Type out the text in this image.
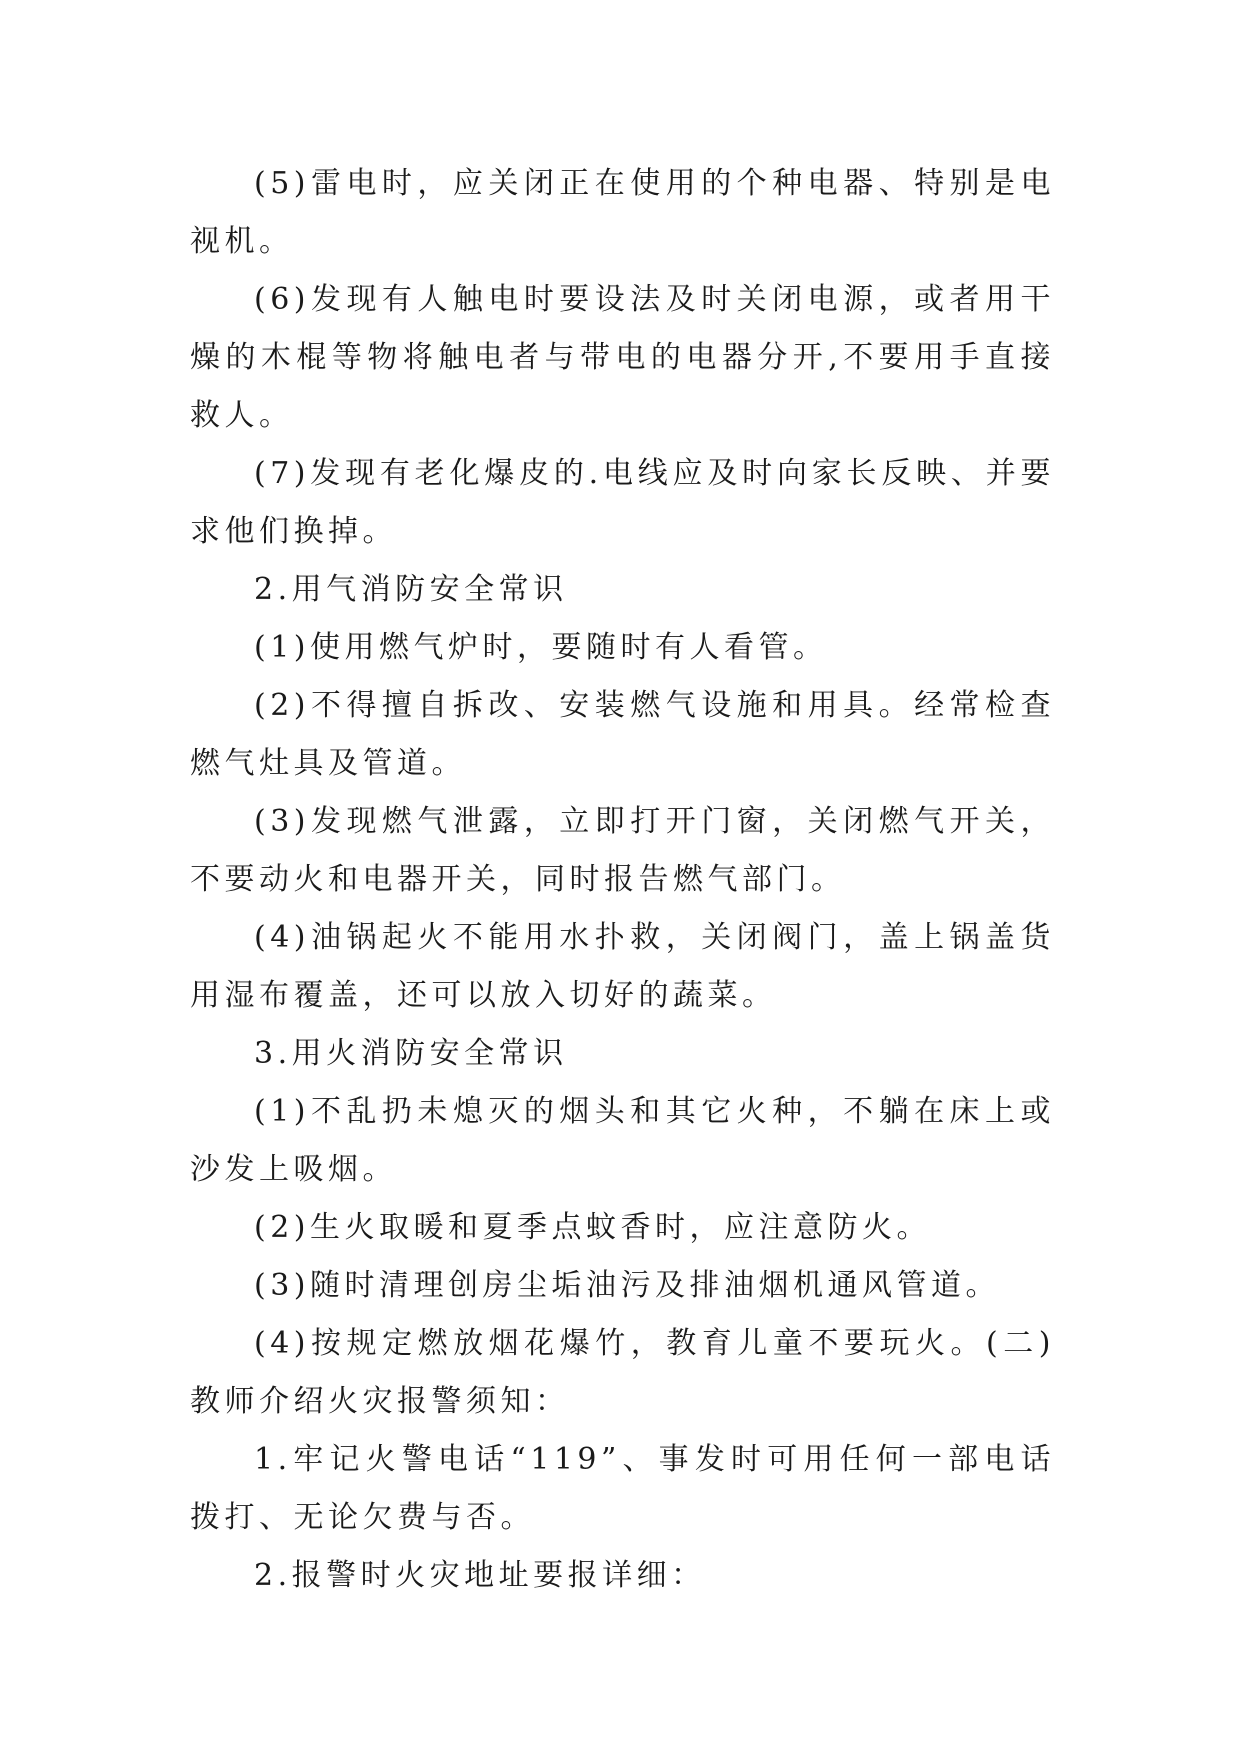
(5)雷电时，应关闭正在使用的个种电器、特别是电视机。

(6)发现有人触电时要设法及时关闭电源，或者用干燥的木棍等物将触电者与带电的电器分开,不要用手直接救人。

(7)发现有老化爆皮的.电线应及时向家长反映、并要求他们换掉。

2.用气消防安全常识

(1)使用燃气炉时，要随时有人看管。

(2)不得擅自拆改、安装燃气设施和用具。经常检查燃气灶具及管道。

(3)发现燃气泄露，立即打开门窗，关闭燃气开关，不要动火和电器开关，同时报告燃气部门。

(4)油锅起火不能用水扑救，关闭阀门，盖上锅盖货用湿布覆盖，还可以放入切好的蔬菜。

3.用火消防安全常识

(1)不乱扔未熄灭的烟头和其它火种，不躺在床上或沙发上吸烟。

(2)生火取暖和夏季点蚊香时，应注意防火。

(3)随时清理创房尘垢油污及排油烟机通风管道。

(4)按规定燃放烟花爆竹，教育儿童不要玩火。(二)教师介绍火灾报警须知：

1.牢记火警电话“119”、事发时可用任何一部电话拨打、无论欠费与否。

2.报警时火灾地址要报详细：
